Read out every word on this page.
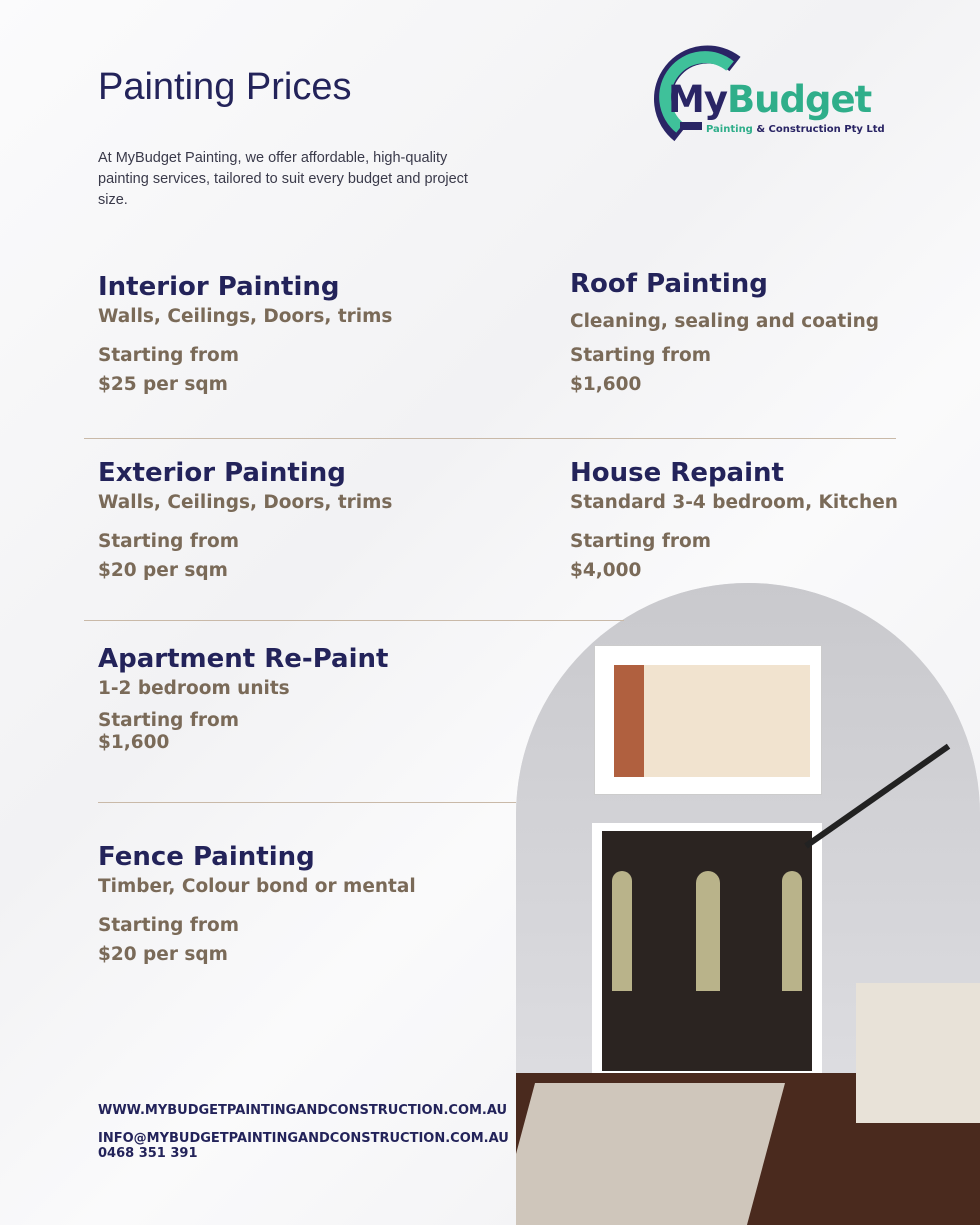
Painting Prices
At MyBudget Painting, we offer affordable, high-quality painting services, tailored to suit every budget and project size.
MyBudget
Painting & Construction Pty Ltd
Interior Painting
Walls, Ceilings, Doors, trims
Starting from
$25 per sqm
Roof Painting
Cleaning, sealing and coating
Starting from
$1,600
Exterior Painting
Walls, Ceilings, Doors, trims
Starting from
$20 per sqm
House Repaint
Standard 3-4 bedroom, Kitchen
Starting from
$4,000
Apartment Re-Paint
1-2 bedroom units
Starting from
$1,600
Fence Painting
Timber, Colour bond or mental
Starting from
$20 per sqm
WWW.MYBUDGETPAINTINGANDCONSTRUCTION.COM.AU
INFO@MYBUDGETPAINTINGANDCONSTRUCTION.COM.AU
0468 351 391
